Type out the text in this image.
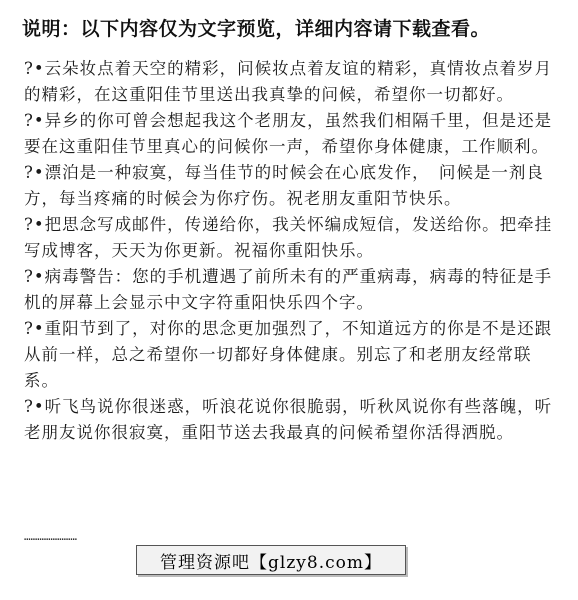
说明：以下内容仅为文字预览，详细内容请下载查看。

?•云朵妆点着天空的精彩，问候妆点着友谊的精彩，真情妆点着岁月的精彩，在这重阳佳节里送出我真挚的问候，希望你一切都好。

?•异乡的你可曾会想起我这个老朋友，虽然我们相隔千里，但是还是要在这重阳佳节里真心的问候你一声，希望你身体健康，工作顺利。

?•漂泊是一种寂寞，每当佳节的时候会在心底发作，　问候是一剂良方，每当疼痛的时候会为你疗伤。祝老朋友重阳节快乐。

?•把思念写成邮件，传递给你，我关怀编成短信，发送给你。把牵挂写成博客，天天为你更新。祝福你重阳快乐。

?•病毒警告：您的手机遭遇了前所未有的严重病毒，病毒的特征是手机的屏幕上会显示中文字符重阳快乐四个字。

?•重阳节到了，对你的思念更加强烈了，不知道远方的你是不是还跟从前一样，总之希望你一切都好身体健康。别忘了和老朋友经常联系。

?•听飞鸟说你很迷惑，听浪花说你很脆弱，听秋风说你有些落魄，听老朋友说你很寂寞，重阳节送去我最真的问候希望你活得洒脱。

……………………
管理资源吧【glzy8.com】
